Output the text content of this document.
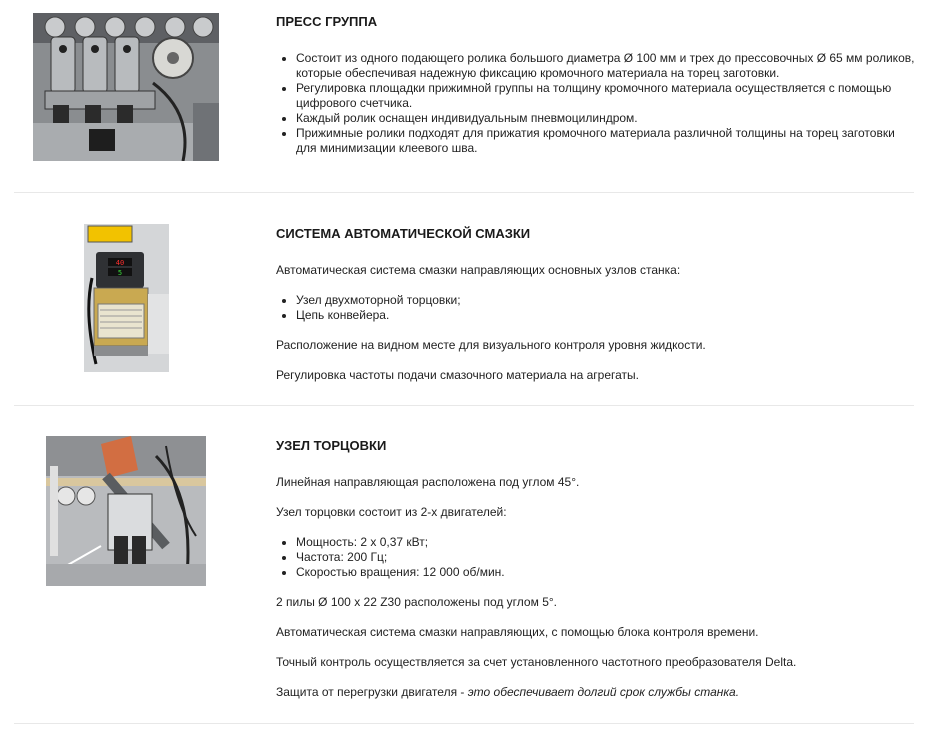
ПРЕСС ГРУППА
• Состоит из одного подающего ролика большого диаметра Ø 100 мм и трех до прессовочных Ø 65 мм роликов, которые обеспечивая надежную фиксацию кромочного материала на торец заготовки.
• Регулировка площадки прижимной группы на толщину кромочного материала осуществляется с помощью цифрового счетчика.
• Каждый ролик оснащен индивидуальным пневмоцилиндром.
• Прижимные ролики подходят для прижатия кромочного материала различной толщины на торец заготовки для минимизации клеевого шва.
40
5
СИСТЕМА АВТОМАТИЧЕСКОЙ СМАЗКИ

Автоматическая система смазки направляющих основных узлов станка:

• Узел двухмоторной торцовки;
• Цепь конвейера.

Расположение на видном месте для визуального контроля уровня жидкости.

Регулировка частоты подачи смазочного материала на агрегаты.

УЗЕЛ ТОРЦОВКИ

Линейная направляющая расположена под углом 45°.

Узел торцовки состоит из 2-х двигателей:

• Мощность: 2 х 0,37 кВт;
• Частота: 200 Гц;
• Скоростью вращения: 12 000 об/мин.

2 пилы Ø 100 х 22 Z30 расположены под углом 5°.

Автоматическая система смазки направляющих, с помощью блока контроля времени.

Точный контроль осуществляется за счет установленного частотного преобразователя Delta.

Защита от перегрузки двигателя - это обеспечивает долгий срок службы станка.
